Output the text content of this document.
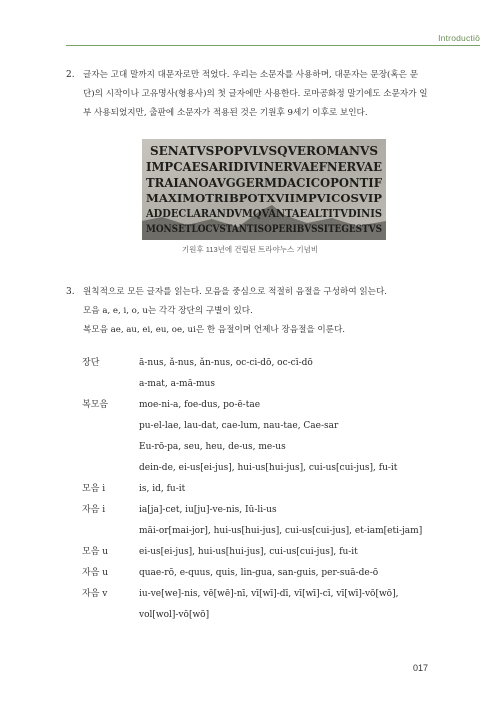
Introductiō
2. 글자는 고대 말까지 대문자로만 적었다. 우리는 소문자를 사용하며, 대문자는 문장(혹은 문

단)의 시작이나 고유명사(형용사)의 첫 글자에만 사용한다. 로마공화정 말기에도 소문자가 일

부 사용되었지만, 출판에 소문자가 적용된 것은 기원후 9세기 이후로 보인다.

SENATVSPOPVLVSQVEROMANVS
IMPCAESARIDIVINERVAEFNERVAE
TRAIANOAVGGERMDACICOPONTIF
MAXIMOTRIBPOTXVIIMPVICOSVIP
ADDECLARANDVMQVANTAEALTITVDINIS
MONSETLOCVSTANTISOPERIBVSSITEGESTVS
기원후 113년에 건립된 트라야누스 기념비
3. 원칙적으로 모든 글자를 읽는다. 모음을 중심으로 적절히 음절을 구성하여 읽는다.

모음 a, e, i, o, u는 각각 장단의 구별이 있다.

복모음 ae, au, ei, eu, oe, ui은 한 음절이며 언제나 장음절을 이룬다.

장단	ā-nus, ǎ-nus, ǎn-nus, oc-ci-dō, oc-cī-dō
a-mat, a-mā-mus
복모음	moe-ni-a, foe-dus, po-ē-tae
pu-el-lae, lau-dat, cae-lum, nau-tae, Cae-sar
Eu-rō-pa, seu, heu, de-us, me-us
dein-de, ei-us[ei-jus], hui-us[hui-jus], cui-us[cui-jus], fu-it
모음 i	is, id, fu-it
자음 i	ia[ja]-cet, iu[ju]-ve-nis, Iū-li-us
māi-or[mai-jor], hui-us[hui-jus], cui-us[cui-jus], et-iam[eti-jam]
모음 u	ei-us[ei-jus], hui-us[hui-jus], cui-us[cui-jus], fu-it
자음 u	quae-rō, e-quus, quis, lin-gua, san-guis, per-suā-de-ō
자음 v	iu-ve[we]-nis, vē[wē]-nī, vī[wī]-dī, vī[wī]-cī, vī[wī]-vō[wō],
vol[wol]-vō[wō]
017
